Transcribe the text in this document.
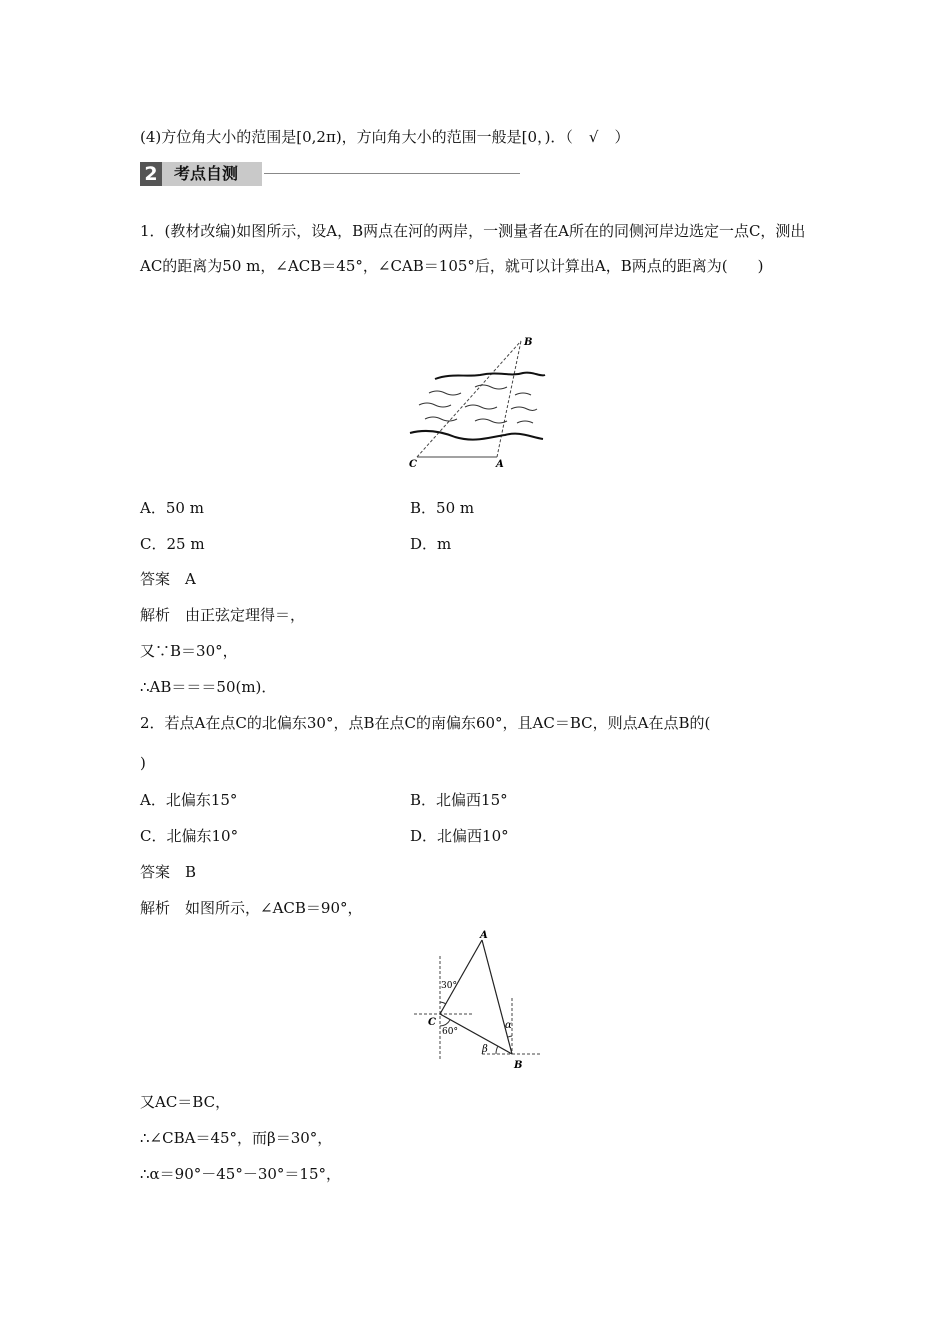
(4)方位角大小的范围是[0,2π)，方向角大小的范围一般是[0，)．（ √ ）
2	考点自测
1．(教材改编)如图所示，设A，B两点在河的两岸，一测量者在A所在的同侧河岸边选定一点C，测出AC的距离为50 m，∠ACB＝45°，∠CAB＝105°后，就可以计算出A，B两点的距离为(　　)
B
C	A
A．50 m	B．50 m
C．25 m	D．m
答案　A
解析　由正弦定理得＝，
又∵B＝30°，
∴AB＝＝＝50(m)．
2．若点A在点C的北偏东30°，点B在点C的南偏东60°，且AC＝BC，则点A在点B的(
)
A．北偏东15°	B．北偏西15°
C．北偏东10°	D．北偏西10°
答案　B
解析　如图所示，∠ACB＝90°，
A
C
B
30°
60°
α
β
又AC＝BC，
∴∠CBA＝45°，而β＝30°，
∴α＝90°－45°－30°＝15°，
